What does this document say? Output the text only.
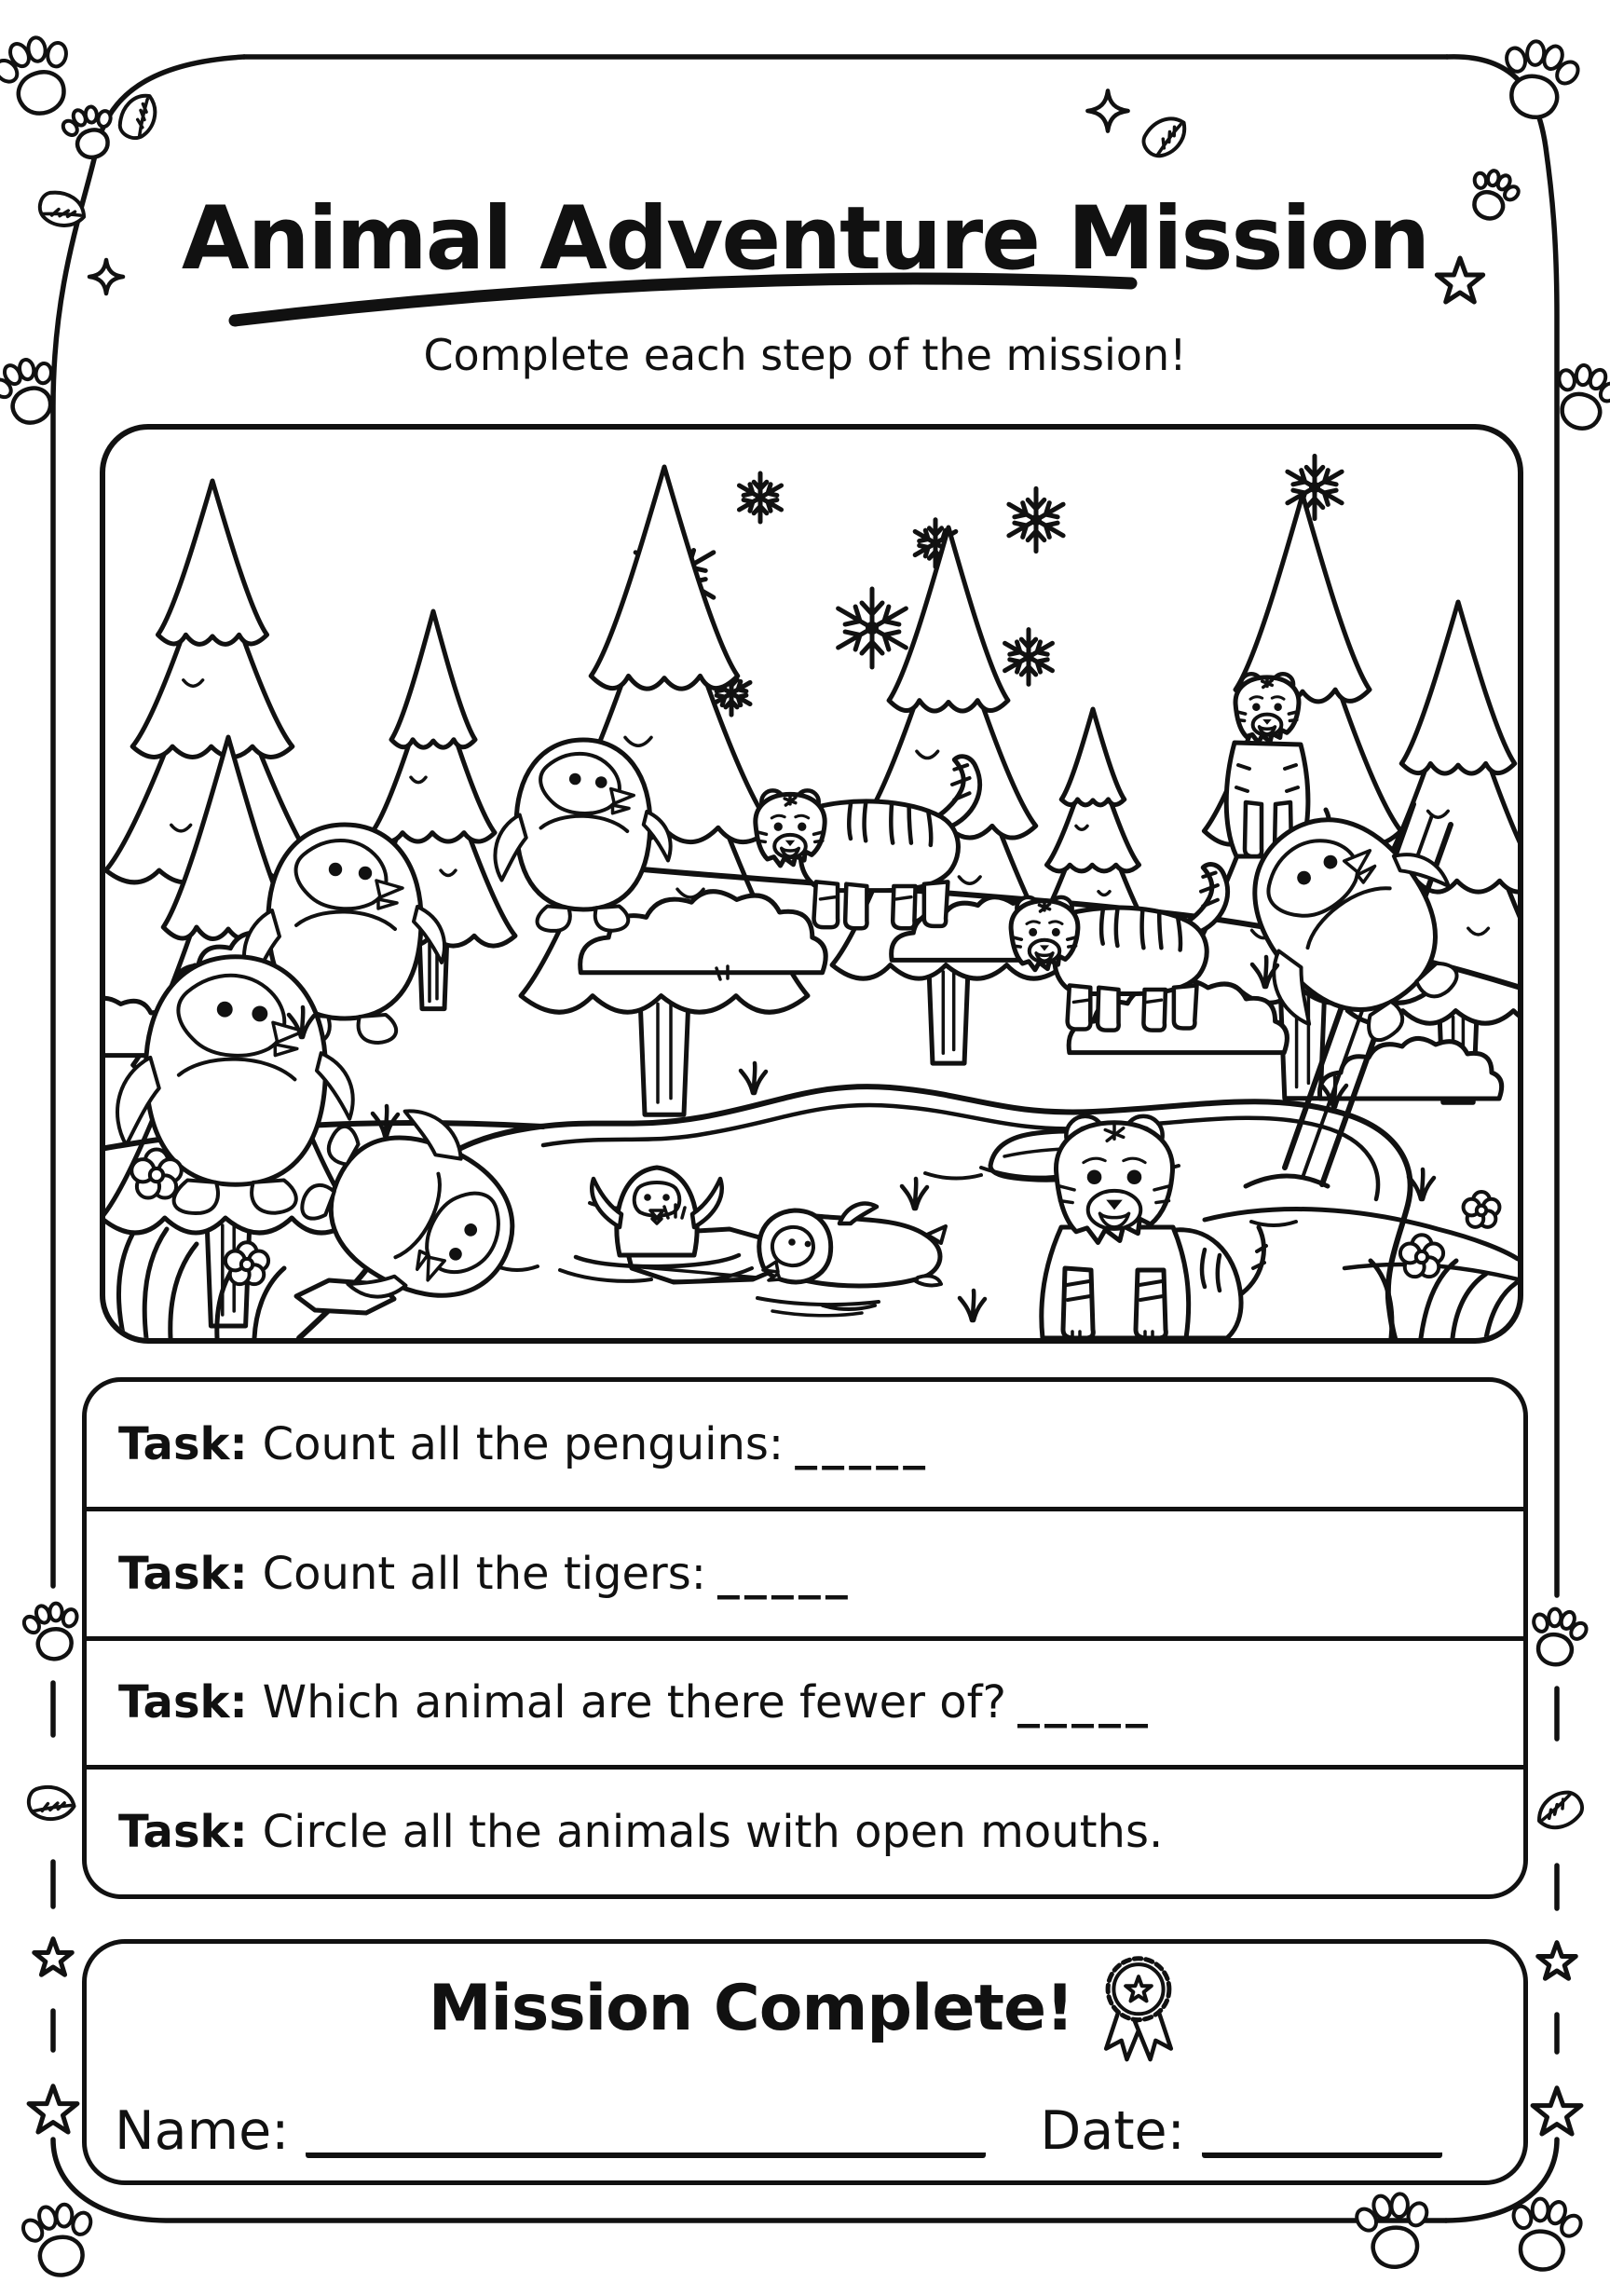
Animal Adventure Mission
Complete each step of the mission!
Task: Count all the penguins: _____
Task: Count all the tigers: _____
Task: Which animal are there fewer of? _____
Task: Circle all the animals with open mouths.
Mission Complete!
Name:	Date:
